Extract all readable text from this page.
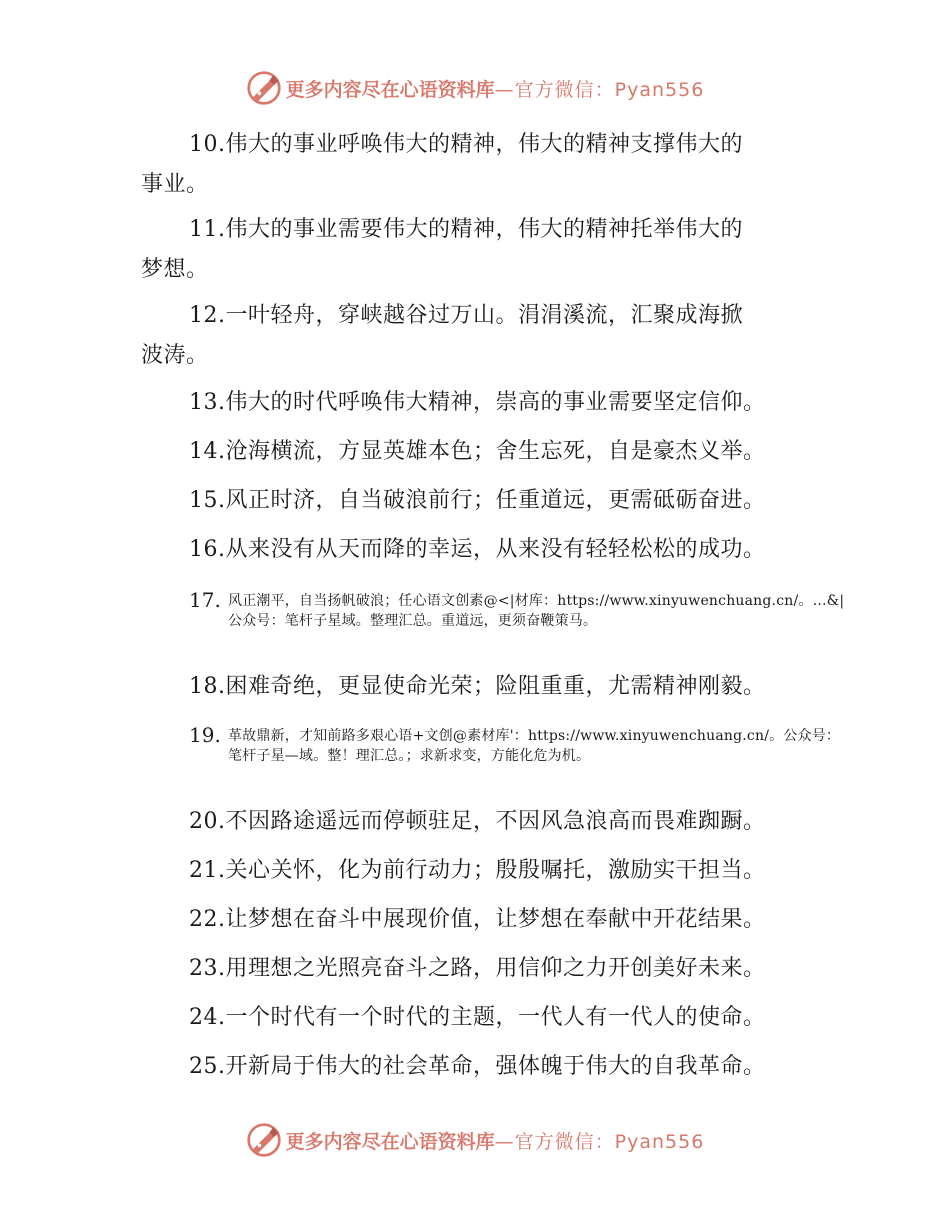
更多内容尽在心语资料库 —官方微信：Pyan556
10.伟大的事业呼唤伟大的精神，伟大的精神支撑伟大的
事业。
11.伟大的事业需要伟大的精神，伟大的精神托举伟大的
梦想。
12.一叶轻舟，穿峡越谷过万山。涓涓溪流，汇聚成海掀
波涛。
13.伟大的时代呼唤伟大精神，崇高的事业需要坚定信仰。
14.沧海横流，方显英雄本色；舍生忘死，自是豪杰义举。
15.风正时济，自当破浪前行；任重道远，更需砥砺奋进。
16.从来没有从天而降的幸运，从来没有轻轻松松的成功。
17. 风正潮平，自当扬帆破浪；任心语文创素@<|材库：https://www.xinyuwenchuang.cn/。…&|公众号：笔杆子星域。整理汇总。重道远，更须奋鞭策马。
18.困难奇绝，更显使命光荣；险阻重重，尤需精神刚毅。
19. 革故鼎新，才知前路多艰心语+文创@素材库'：https://www.xinyuwenchuang.cn/。公众号：笔杆子星—域。整！理汇总。；求新求变，方能化危为机。
20.不因路途遥远而停顿驻足，不因风急浪高而畏难踟蹰。
21.关心关怀，化为前行动力；殷殷嘱托，激励实干担当。
22.让梦想在奋斗中展现价值，让梦想在奉献中开花结果。
23.用理想之光照亮奋斗之路，用信仰之力开创美好未来。
24.一个时代有一个时代的主题，一代人有一代人的使命。
25.开新局于伟大的社会革命，强体魄于伟大的自我革命。
更多内容尽在心语资料库 —官方微信：Pyan556
